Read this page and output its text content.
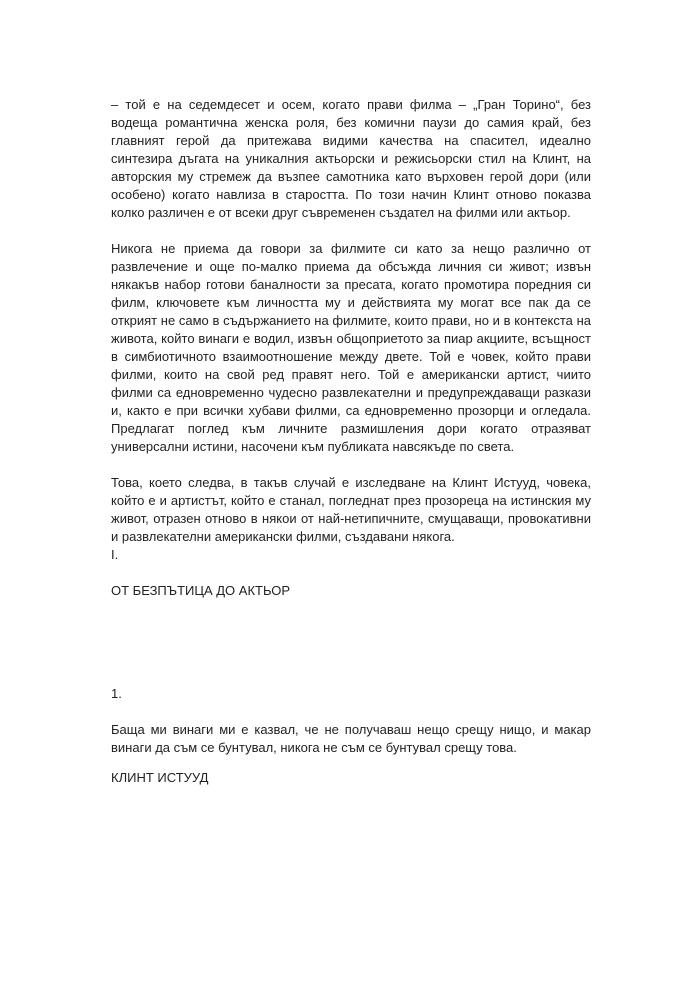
– той е на седемдесет и осем, когато прави филма – „Гран Торино“, без водеща романтична женска роля, без комични паузи до самия край, без главният герой да притежава видими качества на спасител, идеално синтезира дъгата на уникалния актьорски и режисьорски стил на Клинт, на авторския му стремеж да възпее самотника като върховен герой дори (или особено) когато навлиза в старостта. По този начин Клинт отново показва колко различен е от всеки друг съвременен създател на филми или актьор.

Никога не приема да говори за филмите си като за нещо различно от развлечение и още по-малко приема да обсъжда личния си живот; извън някакъв набор готови баналности за пресата, когато промотира поредния си филм, ключовете към личността му и действията му могат все пак да се открият не само в съдържанието на филмите, които прави, но и в контекста на живота, който винаги е водил, извън общоприетото за пиар акциите, всъщност в симбиотичното взаимоотношение между двете. Той е човек, който прави филми, които на свой ред правят него. Той е американски артист, чиито филми са едновременно чудесно развлекателни и предупреждаващи разкази и, както е при всички хубави филми, са едновременно прозорци и огледала. Предлагат поглед към личните размишления дори когато отразяват универсални истини, насочени към публиката навсякъде по света.

Това, което следва, в такъв случай е изследване на Клинт Истууд, човека, който е и артистът, който е станал, погледнат през прозореца на истинския му живот, отразен отново в някои от най-нетипичните, смущаващи, провокативни и развлекателни американски филми, създавани някога.

I.

ОТ БЕЗПЪТИЦА ДО АКТЬОР

1.

Баща ми винаги ми е казвал, че не получаваш нещо срещу нищо, и макар винаги да съм се бунтувал, никога не съм се бунтувал срещу това.

КЛИНТ ИСТУУД
